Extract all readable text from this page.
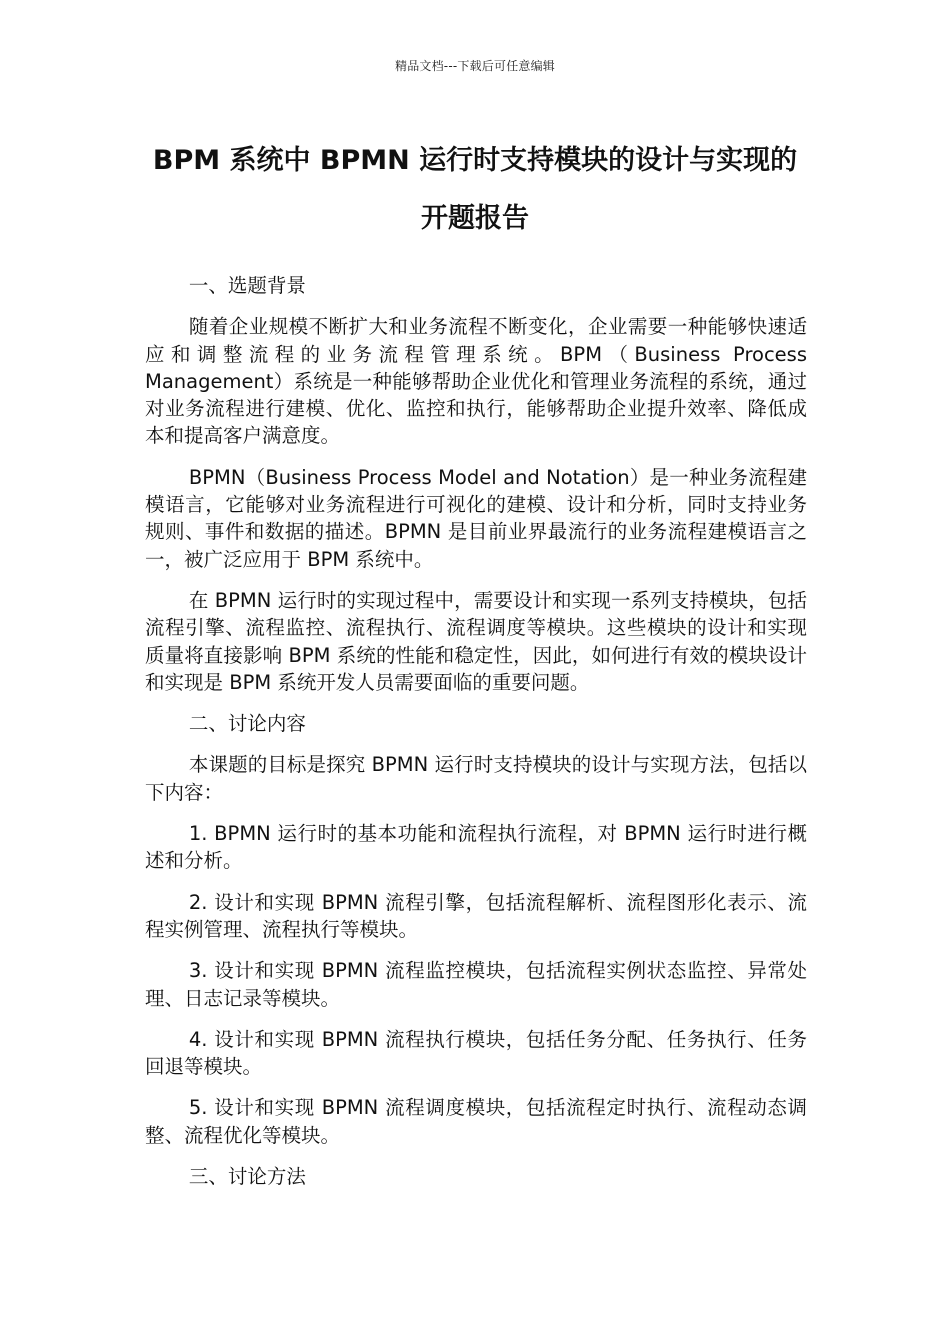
精品文档---下载后可任意编辑
BPM 系统中 BPMN 运行时支持模块的设计与实现的
开题报告

一、选题背景

随着企业规模不断扩大和业务流程不断变化，企业需要一种能够快速适应和调整流程的业务流程管理系统。BPM（Business Process Management）系统是一种能够帮助企业优化和管理业务流程的系统，通过对业务流程进行建模、优化、监控和执行，能够帮助企业提升效率、降低成本和提高客户满意度。

BPMN（Business Process Model and Notation）是一种业务流程建模语言，它能够对业务流程进行可视化的建模、设计和分析，同时支持业务规则、事件和数据的描述。BPMN 是目前业界最流行的业务流程建模语言之一，被广泛应用于 BPM 系统中。

在 BPMN 运行时的实现过程中，需要设计和实现一系列支持模块，包括流程引擎、流程监控、流程执行、流程调度等模块。这些模块的设计和实现质量将直接影响 BPM 系统的性能和稳定性，因此，如何进行有效的模块设计和实现是 BPM 系统开发人员需要面临的重要问题。

二、讨论内容

本课题的目标是探究 BPMN 运行时支持模块的设计与实现方法，包括以下内容：

1. BPMN 运行时的基本功能和流程执行流程，对 BPMN 运行时进行概述和分析。

2. 设计和实现 BPMN 流程引擎，包括流程解析、流程图形化表示、流程实例管理、流程执行等模块。

3. 设计和实现 BPMN 流程监控模块，包括流程实例状态监控、异常处理、日志记录等模块。

4. 设计和实现 BPMN 流程执行模块，包括任务分配、任务执行、任务回退等模块。

5. 设计和实现 BPMN 流程调度模块，包括流程定时执行、流程动态调整、流程优化等模块。

三、讨论方法
